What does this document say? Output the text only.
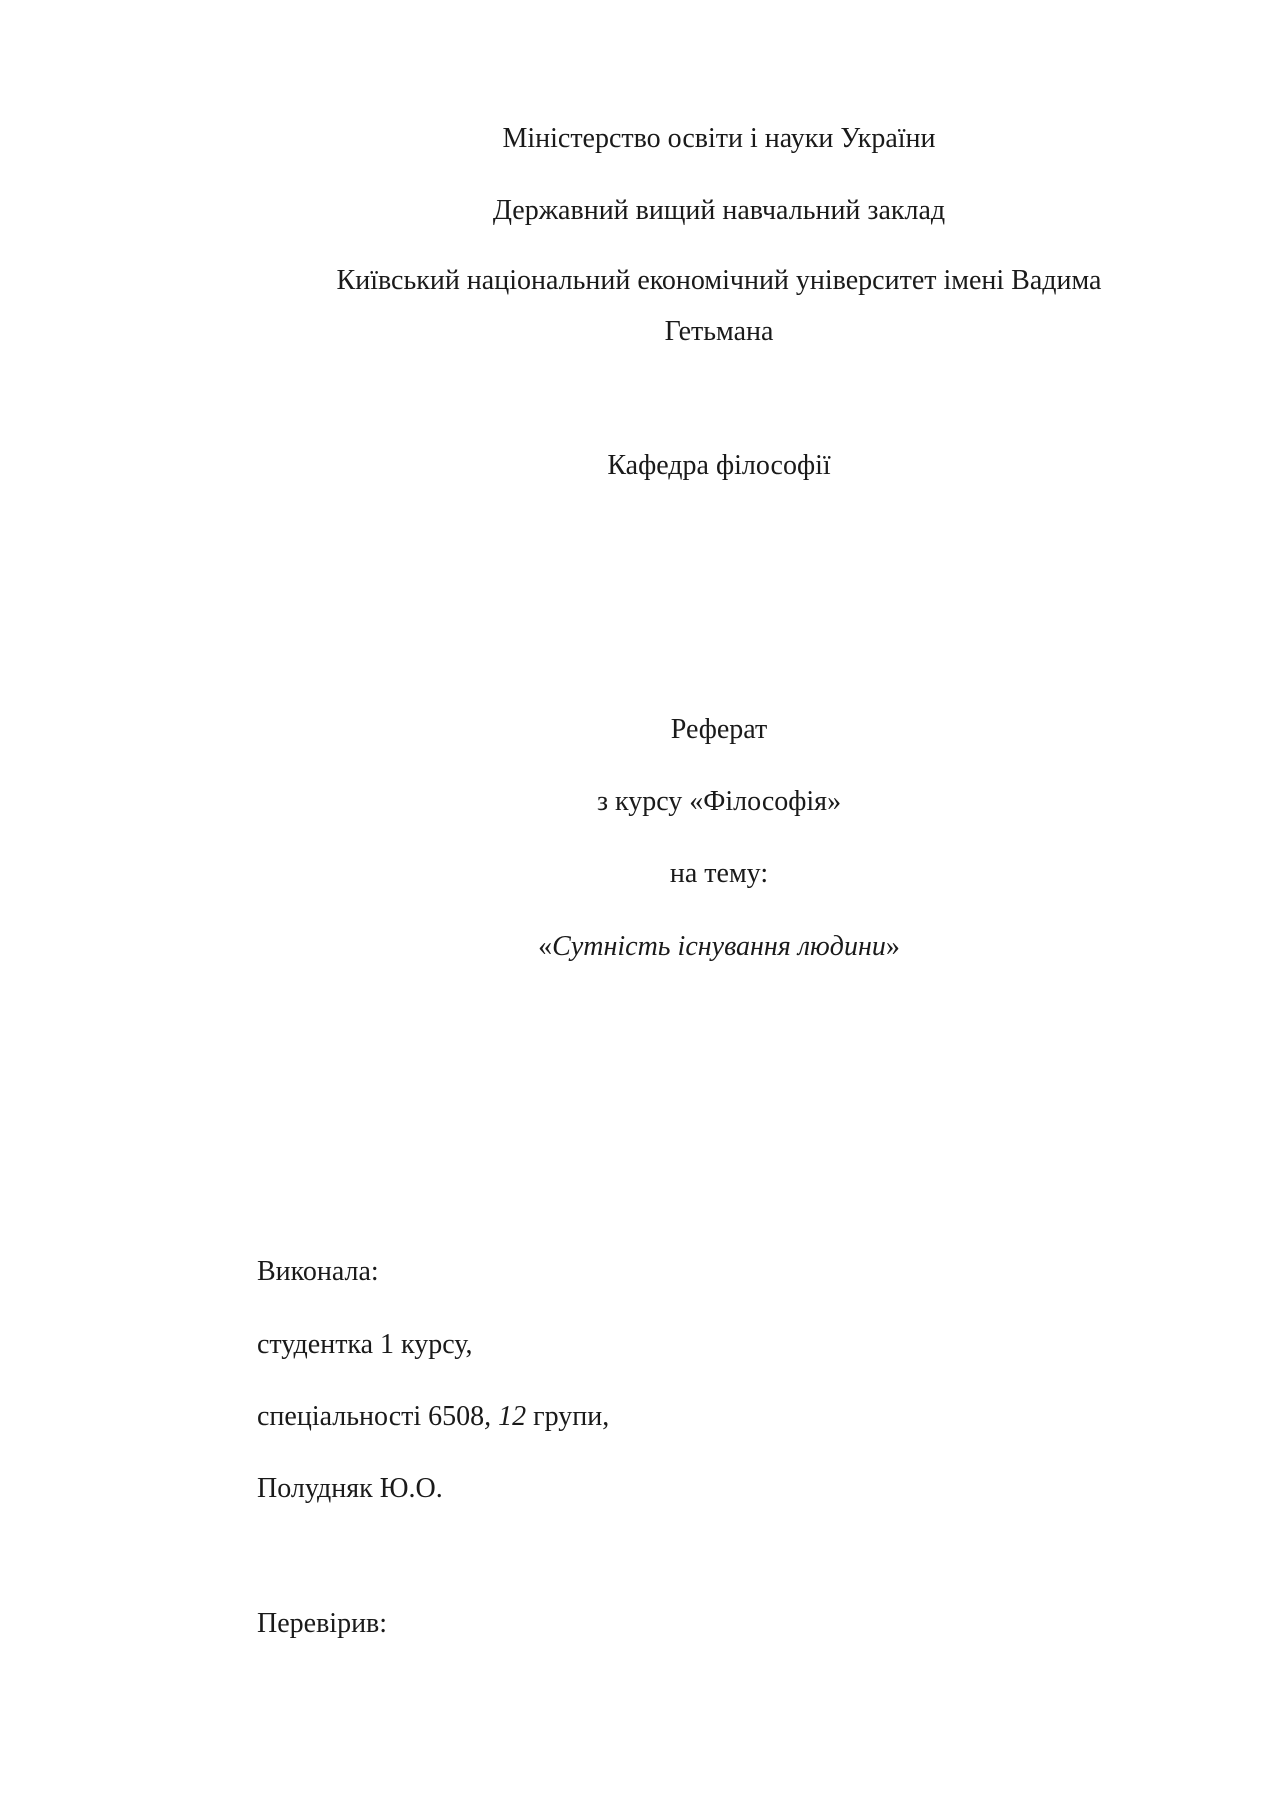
Міністерство освіти і науки України

Державний вищий навчальний заклад

Київський національний економічний університет імені Вадима

Гетьмана

Кафедра філософії

Реферат

з курсу «Філософія»

на тему:

«Сутність існування людини»

Виконала:

студентка 1 курсу,

спеціальності 6508, 12 групи,

Полудняк Ю.О.

Перевірив:
